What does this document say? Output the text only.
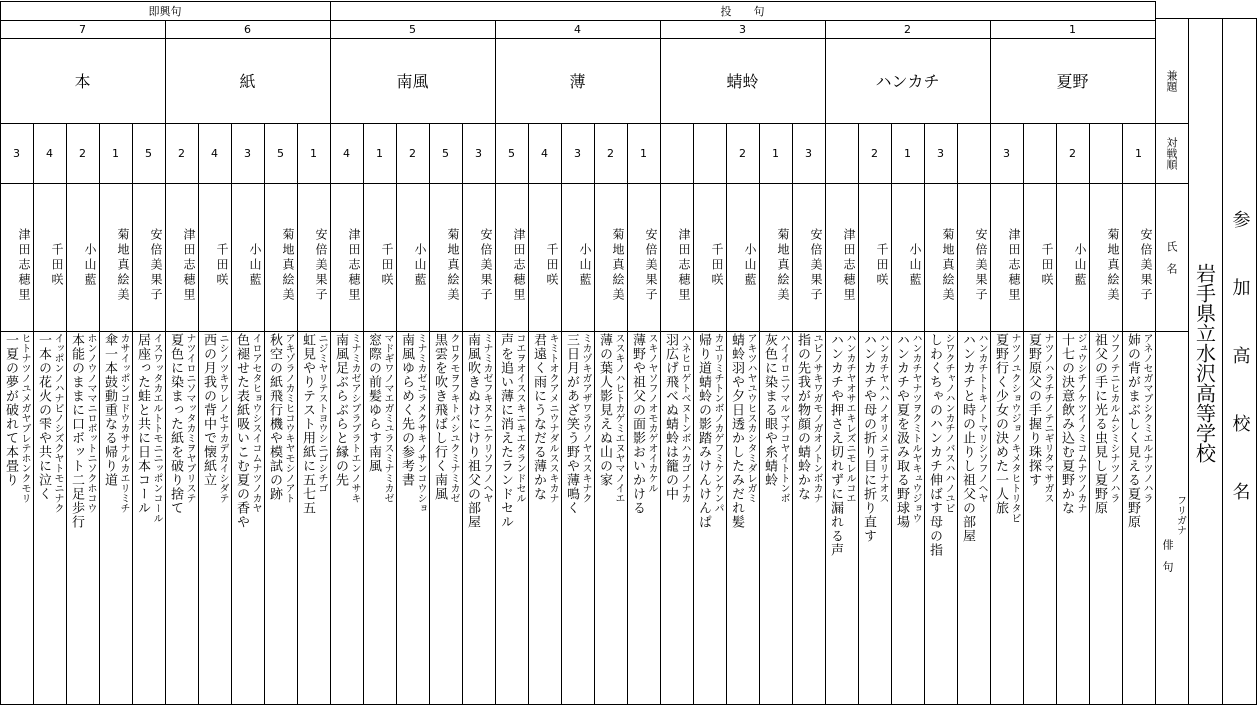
即興句	投　　句
兼題
対戦順
氏　名
俳　句
フリガナ
岩手県立水沢高等学校 参　加　高　校　名
7
本
3
津田志穂里
ヒトナツノユメガヤブレテホンクモリ
一夏の夢が破れて本畳り
4
千田咲
イッポンノハナビノシズクヤトモニナク
一本の花火の雫や共に泣く
2
小山藍
ホンノウノママニロボットニソクホコウ
本能のままに口ボット二足歩行
1
菊地真絵美
カサイッポンコドウカサナルカエリミチ
傘一本鼓動重なる帰り道
5
安倍美果子
イスワッタカエルトトモニニッポンコール
居座った蛙と共に日本コール
6
紙
2
津田志穂里
ナツイロニソマッタカミヲヤブリステ
夏色に染まった紙を破り捨て
4
千田咲
ニシノツキワレノセナカデカイシダテ
西の月我の背中で懐紙立
3
小山藍
イロアセタヒョウシスイコムナツノカヤ
色褪せた表紙吸いこむ夏の香や
5
菊地真絵美
アキゾラノカミヒコウキヤモシノアト
秋空の紙飛行機や模試の跡
1
安倍美果子
ニジミヤリテストヨウシニゴシチゴ
虹見やりテスト用紙に五七五
5
南風
4
津田志穂里
ミナミカゼアシブラブラトエンノサキ
南風足ぶらぶらと縁の先
1
千田咲
マドギワノマエガミユラスミナミカゼ
窓際の前髪ゆらす南風
2
小山藍
ミナミカゼユラメクサキノサンコウショ
南風ゆらめく先の参考書
5
菊地真絵美
クロクモヲフキトバシユクミナミカゼ
黒雲を吹き飛ばし行く南風
3
安倍美果子
ミナミカゼフキヌケニケリソフノヘヤ
南風吹きぬけにけり祖父の部屋
4
薄
5
津田志穂里
コエヲオイススキニキエタランドセル
声を追い薄に消えたランドセル
4
千田咲
キミトオクアメニウナダルススキカナ
君遠く雨にうなだる薄かな
3
小山藍
ミカヅキガアザワラウノヤススキナク
三日月があざ笑う野や薄鳴く
2
菊地真絵美
ススキノハヒトカゲミエヌヤマノイエ
薄の葉人影見えぬ山の家
1
安倍美果子
スキノヤソフノオモカゲオイカケル
薄野や祖父の面影おいかける
3
蜻蛉
津田志穂里
ハネヒロゲトベヌトンボハカゴノナカ
羽広げ飛べぬ蜻蛉は籠の中
千田咲
カエリミチトンボノカゲフミケンケンパ
帰り道蜻蛉の影踏みけんけんぱ
2
小山藍
アキツハヤユウヒスカシタミダレガミ
蜻蛉羽や夕日透かしたみだれ髪
1
菊地真絵美
ハイイロニソマルマナコヤイトトンボ
灰色に染まる眼や糸蜻蛉
3
安倍美果子
ユビノサキワガモノガオノトンボカナ
指の先我が物顔の蜻蛉かな
2
ハンカチ
津田志穂里
ハンカチヤオサエキレズニモレルコエ
ハンカチや押さえ切れずに漏れる声
2
千田咲
ハンカチヤハハノオリメニオリナオス
ハンカチや母の折り目に折り直す
1
小山藍
ハンカチヤナツヲクミトルヤキュウジョウ
ハンカチや夏を汲み取る野球場
3
菊地真絵美
シワクチャノハンカチノバスハハノユビ
しわくちゃのハンカチ伸ばす母の指
安倍美果子
ハンカチトトキノトマリシソフノヘヤ
ハンカチと時の止りし祖父の部屋
1
夏野
3
津田志穂里
ナツノユクショウジョノキメタヒトリタビ
夏野行く少女の決めた一人旅
千田咲
ナツノハラチチノテニギリタマサガス
夏野原父の手握り珠探す
2
小山藍
ジュウシチノケツイノミコムナツノカナ
十七の決意飲み込む夏野かな
菊地真絵美
ソフノテニヒカルムシミシナツノハラ
祖父の手に光る虫見し夏野原
1
安倍美果子
アネノセガマブシクミエルナツノハラ
姉の背がまぶしく見える夏野原
